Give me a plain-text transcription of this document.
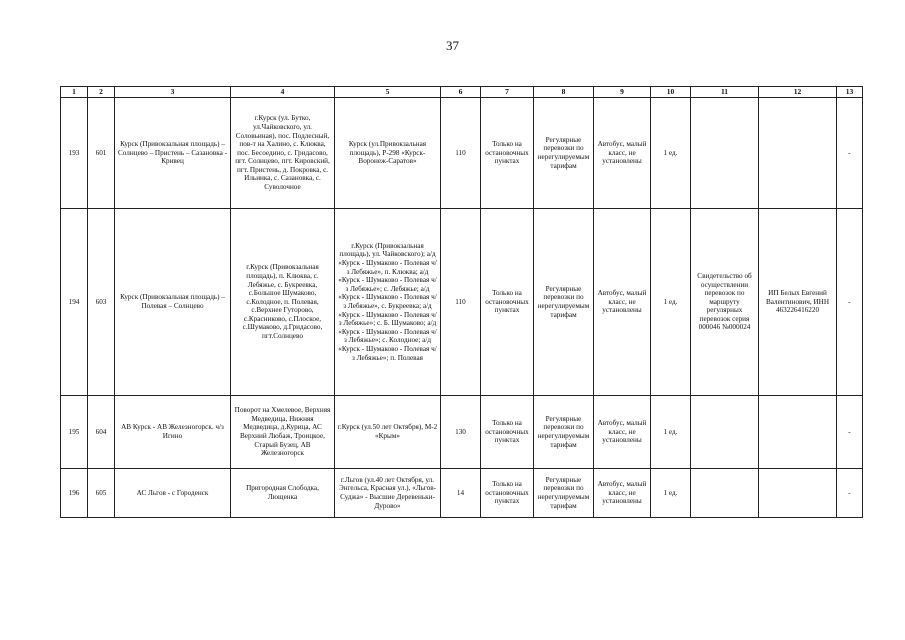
37
1	2	3	4	5	6	7	8	9	10	11	12	13
193	601	Курск (Привокзальная площадь) – Солнцево – Пристень – Сазановка - Кривец	г.Курск (ул. Бутко, ул.Чайковского, ул. Соловьиная), пос. Подлесный, пов-т на Халино, с. Клюква, пос. Бесоедино, с. Гридасово, пгт. Солнцево, пгт. Кировский, пгт. Пристень, д. Покровка, с. Ильинка, с. Сазановка, с. Суволочное	Курск (ул.Привокзальная площадь), Р-298 «Курск-Воронеж-Саратов»	110	Только на остановочных пунктах	Регулярные перевозки по нерегулируемым тарифам	Автобус, малый класс, не установлены	1 ед.			-
194	603	Курск (Привокзальная площадь) – Полевая – Солнцево	г.Курск (Привокзальная площадь), п. Клюква, с. Лебяжье, с. Букреевка, с.Большое Шумаково, с.Колодное, п. Полевая, с.Верхнее Гуторово, с.Красниково, с.Плоское, с.Шумаково, д.Гридасово, пгт.Солнцево	г.Курск (Привокзальная площадь), ул. Чайковского); а/д «Курск - Шумаково - Полевая ч/з Лебяжье», п. Клюква; а/д «Курск - Шумаково - Полевая ч/з Лебяжье»; с. Лебяжье; а/д «Курск - Шумаково - Полевая ч/з Лебяжье», с. Букреевка; а/д «Курск - Шумаково - Полевая ч/з Лебяжье»; с. Б. Шумаково; а/д «Курск - Шумаково - Полевая ч/з Лебяжье»; с. Колодное; а/д «Курск - Шумаково - Полевая ч/з Лебяжье»; п. Полевая	110	Только на остановочных пунктах	Регулярные перевозки по нерегулируемым тарифам	Автобус, малый класс, не установлены	1 ед.	Свидетельство об осуществлении перевозок по маршруту регулярных перевозок серия 000046 №000024	ИП Белых Евгений Валентинович, ИНН 463226416220	-
195	604	АВ Курск - АВ Железногорск. ч/з Игино	Поворот на Хмелевое, Верхняя Медведица, Нижняя Медведица, д.Курица, АС Верхний Любаж, Троицкое, Старый Бузец, АВ Железногорск	г.Курск (ул.50 лет Октября), М-2 «Крым»	130	Только на остановочных пунктах	Регулярные перевозки по нерегулируемым тарифам	Автобус, малый класс, не установлены	1 ед.			-
196	605	АС Льгов - с Городенск	Пригородная Слободка, Лющенка	г.Льгов (ул.40 лет Октября, ул. Энгельса, Красная ул.), «Льгов-Суджа» - Высшие Деревеньки-Дурово»	14	Только на остановочных пунктах	Регулярные перевозки по нерегулируемым тарифам	Автобус, малый класс, не установлены	1 ед.			-
